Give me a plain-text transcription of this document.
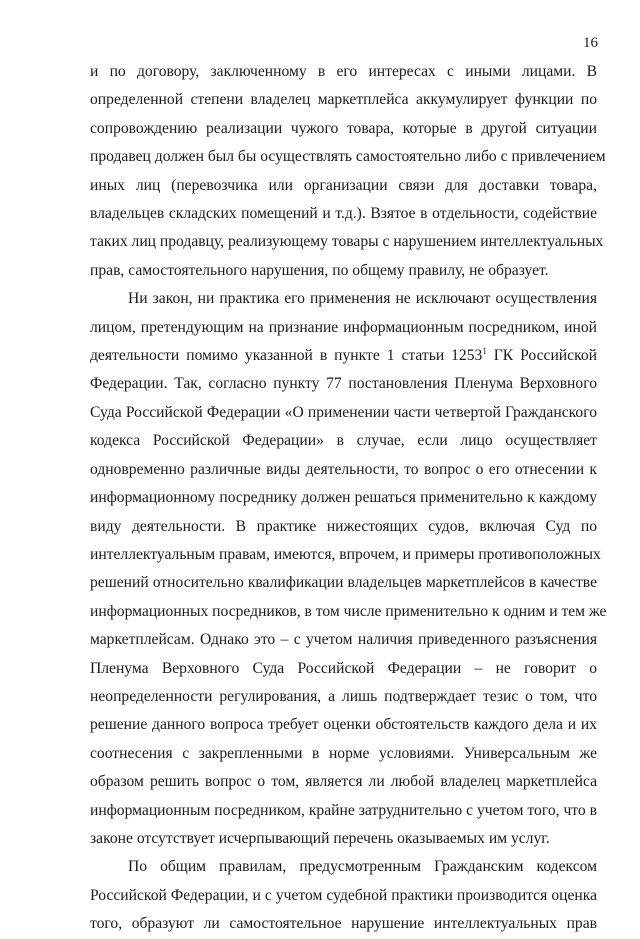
16

и по договору, заключенному в его интересах с иными лицами. В
определенной степени владелец маркетплейса аккумулирует функции по
сопровождению реализации чужого товара, которые в другой ситуации
продавец должен был бы осуществлять самостоятельно либо с привлечением
иных лиц (перевозчика или организации связи для доставки товара,
владельцев складских помещений и т.д.). Взятое в отдельности, содействие
таких лиц продавцу, реализующему товары с нарушением интеллектуальных
прав, самостоятельного нарушения, по общему правилу, не образует.

Ни закон, ни практика его применения не исключают осуществления
лицом, претендующим на признание информационным посредником, иной
деятельности помимо указанной в пункте 1 статьи 1253$^1$ ГК Российской
Федерации. Так, согласно пункту 77 постановления Пленума Верховного
Суда Российской Федерации «О применении части четвертой Гражданского
кодекса Российской Федерации» в случае, если лицо осуществляет
одновременно различные виды деятельности, то вопрос о его отнесении к
информационному посреднику должен решаться применительно к каждому
виду деятельности. В практике нижестоящих судов, включая Суд по
интеллектуальным правам, имеются, впрочем, и примеры противоположных
решений относительно квалификации владельцев маркетплейсов в качестве
информационных посредников, в том числе применительно к одним и тем же
маркетплейсам. Однако это – с учетом наличия приведенного разъяснения
Пленума Верховного Суда Российской Федерации – не говорит о
неопределенности регулирования, а лишь подтверждает тезис о том, что
решение данного вопроса требует оценки обстоятельств каждого дела и их
соотнесения с закрепленными в норме условиями. Универсальным же
образом решить вопрос о том, является ли любой владелец маркетплейса
информационным посредником, крайне затруднительно с учетом того, что в
законе отсутствует исчерпывающий перечень оказываемых им услуг.

По общим правилам, предусмотренным Гражданским кодексом
Российской Федерации, и с учетом судебной практики производится оценка
того, образуют ли самостоятельное нарушение интеллектуальных прав
